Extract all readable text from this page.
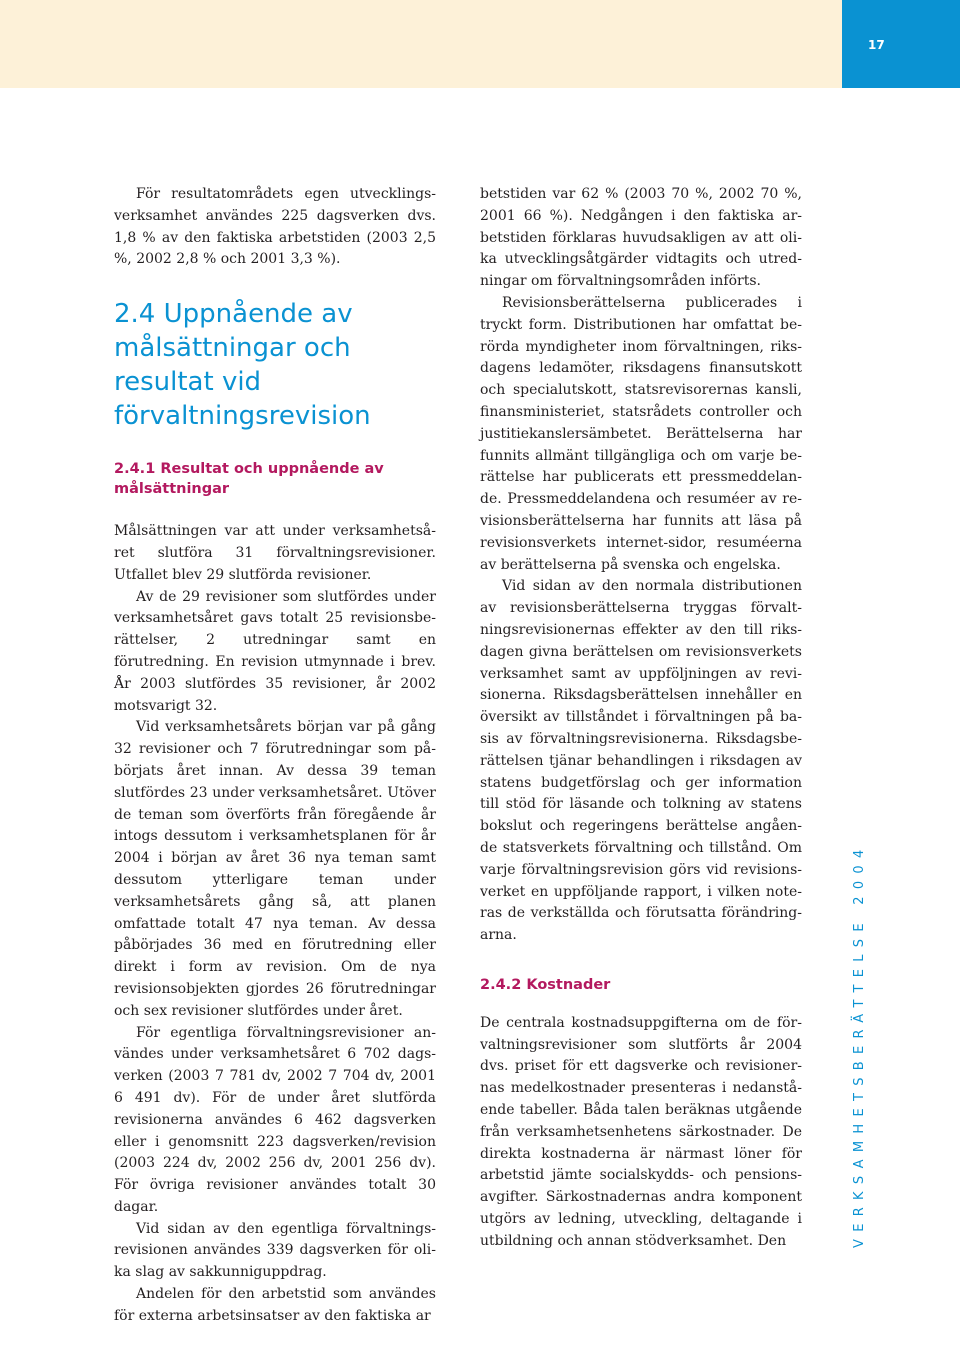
17
VERKSAMHETSBERÄTTELSE 2004

För resultatområdets egen utvecklingsverksamhet användes 225 dagsverken dvs. 1,8 % av den faktiska arbetstiden (2003 2,5 %, 2002 2,8 % och 2001 3,3 %).

2.4 Uppnående av målsättningar och resultat vid förvaltningsrevision
2.4.1 Resultat och uppnående av målsättningar

Målsättningen var att under verksamhetsåret slutföra 31 förvaltningsrevisioner. Utfallet blev 29 slutförda revisioner.

Av de 29 revisioner som slutfördes under verksamhetsåret gavs totalt 25 revisionsberättelser, 2 utredningar samt en förutredning. En revision utmynnade i brev. År 2003 slutfördes 35 revisioner, år 2002 motsvarigt 32.

Vid verksamhetsårets början var på gång 32 revisioner och 7 förutredningar som påbörjats året innan. Av dessa 39 teman slutfördes 23 under verksamhetsåret. Utöver de teman som överförts från föregående år intogs dessutom i verksamhetsplanen för år 2004 i början av året 36 nya teman samt dessutom ytterligare teman under verksamhetsårets gång så, att planen omfattade totalt 47 nya teman. Av dessa påbörjades 36 med en förutredning eller direkt i form av revision. Om de nya revisionsobjekten gjordes 26 förutredningar och sex revisioner slutfördes under året.

För egentliga förvaltningsrevisioner användes under verksamhetsåret 6 702 dagsverken (2003 7 781 dv, 2002 7 704 dv, 2001 6 491 dv). För de under året slutförda revisionerna användes 6 462 dagsverken eller i genomsnitt 223 dagsverken/revision (2003 224 dv, 2002 256 dv, 2001 256 dv). För övriga revisioner användes totalt 30 dagar.

Vid sidan av den egentliga förvaltningsrevisionen användes 339 dagsverken för olika slag av sakkunniguppdrag.

Andelen för den arbetstid som användes för externa arbetsinsatser av den faktiska ar

betstiden var 62 % (2003 70 %, 2002 70 %, 2001 66 %). Nedgången i den faktiska arbetstiden förklaras huvudsakligen av att olika utvecklingsåtgärder vidtagits och utredningar om förvaltningsområden införts.

Revisionsberättelserna publicerades i tryckt form. Distributionen har omfattat berörda myndigheter inom förvaltningen, riksdagens ledamöter, riksdagens finansutskott och specialutskott, statsrevisorernas kansli, finansministeriet, statsrådets controller och justitiekanslersämbetet. Berättelserna har funnits allmänt tillgängliga och om varje berättelse har publicerats ett pressmeddelande. Pressmeddelandena och resuméer av revisionsberättelserna har funnits att läsa på revisionsverkets internet-sidor, resuméerna av berättelserna på svenska och engelska.

Vid sidan av den normala distributionen av revisionsberättelserna tryggas förvaltningsrevisionernas effekter av den till riksdagen givna berättelsen om revisionsverkets verksamhet samt av uppföljningen av revisionerna. Riksdagsberättelsen innehåller en översikt av tillståndet i förvaltningen på basis av förvaltningsrevisionerna. Riksdagsberättelsen tjänar behandlingen i riksdagen av statens budgetförslag och ger information till stöd för läsande och tolkning av statens bokslut och regeringens berättelse angående statsverkets förvaltning och tillstånd. Om varje förvaltningsrevision görs vid revisionsverket en uppföljande rapport, i vilken noteras de verkställda och förutsatta förändringarna.

2.4.2 Kostnader

De centrala kostnadsuppgifterna om de förvaltningsrevisioner som slutförts år 2004 dvs. priset för ett dagsverke och revisionernas medelkostnader presenteras i nedanstående tabeller. Båda talen beräknas utgående från verksamhetsenhetens särkostnader. De direkta kostnaderna är närmast löner för arbetstid jämte socialskydds- och pensionsavgifter. Särkostnadernas andra komponent utgörs av ledning, utveckling, deltagande i utbildning och annan stödverksamhet. Den
